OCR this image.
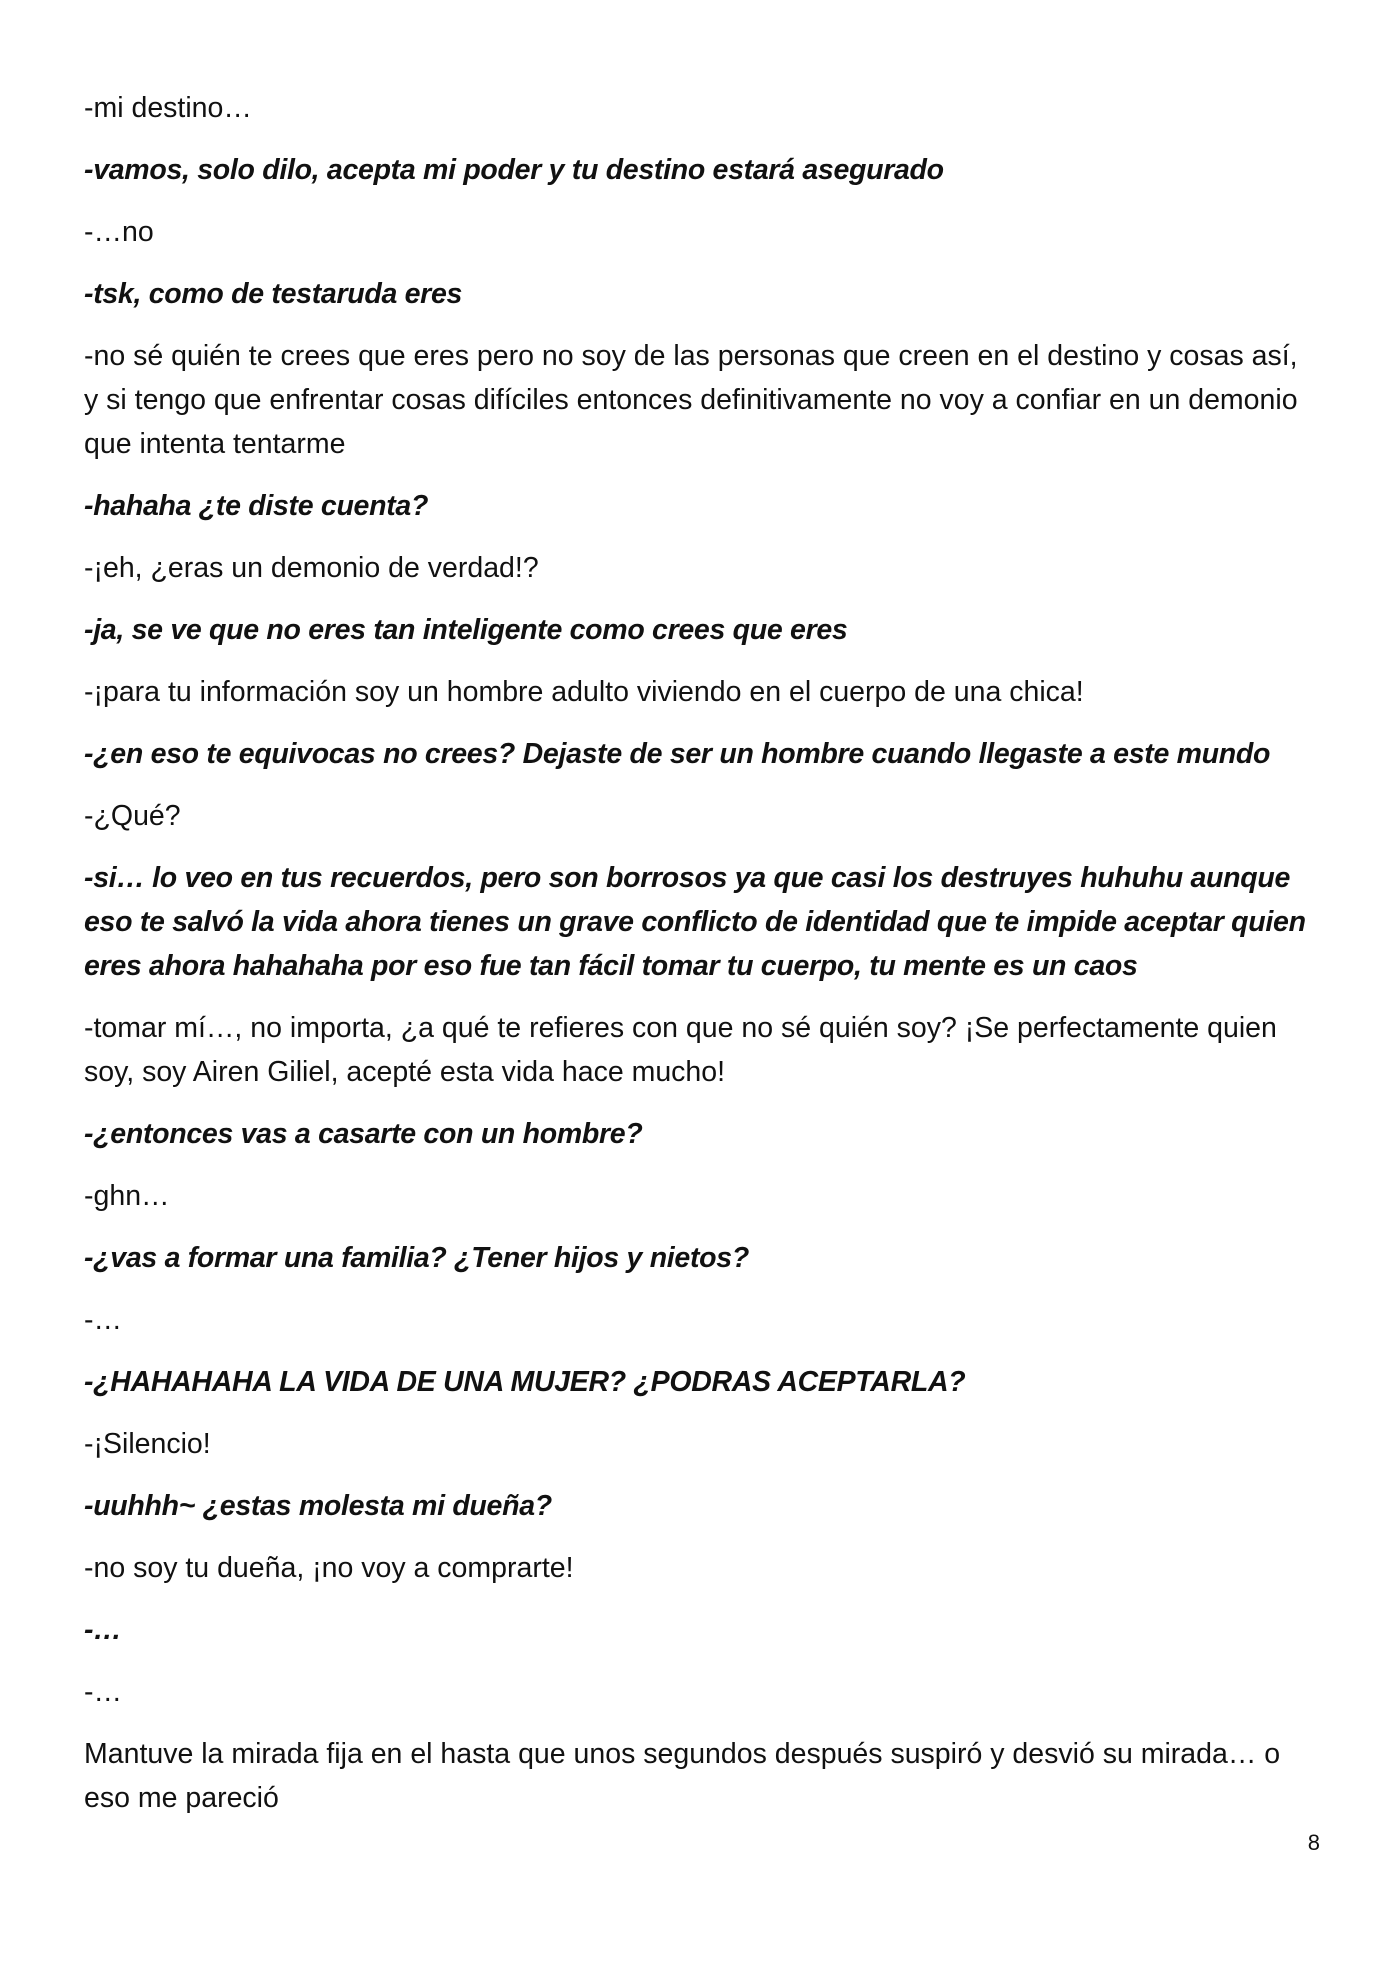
-mi destino…

-vamos, solo dilo, acepta mi poder y tu destino estará asegurado

-…no

-tsk, como de testaruda eres

-no sé quién te crees que eres pero no soy de las personas que creen en el destino y cosas así, y si tengo que enfrentar cosas difíciles entonces definitivamente no voy a confiar en un demonio que intenta tentarme

-hahaha ¿te diste cuenta?

-¡eh, ¿eras un demonio de verdad!?

-ja, se ve que no eres tan inteligente como crees que eres

-¡para tu información soy un hombre adulto viviendo en el cuerpo de una chica!

-¿en eso te equivocas no crees? Dejaste de ser un hombre cuando llegaste a este mundo

-¿Qué?

-si… lo veo en tus recuerdos, pero son borrosos ya que casi los destruyes huhuhu aunque eso te salvó la vida ahora tienes un grave conflicto de identidad que te impide aceptar quien eres ahora hahahaha por eso fue tan fácil tomar tu cuerpo, tu mente es un caos

-tomar mí…, no importa, ¿a qué te refieres con que no sé quién soy? ¡Se perfectamente quien soy, soy Airen Giliel, acepté esta vida hace mucho!

-¿entonces vas a casarte con un hombre?

-ghn…

-¿vas a formar una familia? ¿Tener hijos y nietos?

-…

-¿HAHAHAHA LA VIDA DE UNA MUJER? ¿PODRAS ACEPTARLA?

-¡Silencio!

-uuhhh~ ¿estas molesta mi dueña?

-no soy tu dueña, ¡no voy a comprarte!

-…

-…

Mantuve la mirada fija en el hasta que unos segundos después suspiró y desvió su mirada… o eso me pareció

8
